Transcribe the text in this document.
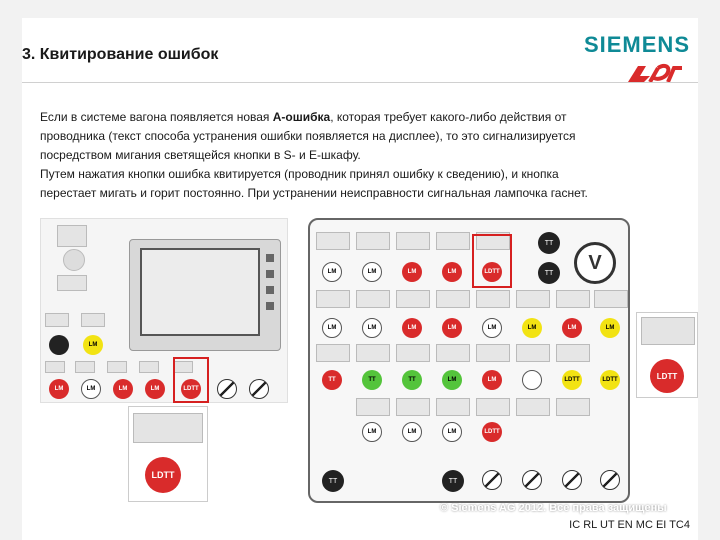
3. Квитирование ошибок	SIEMENS
Если в системе вагона появляется новая А-ошибка, которая требует какого-либо действия от
проводника (текст способа устранения ошибки появляется на дисплее), то это сигнализируется
посредством мигания светящейся кнопки в S- и E-шкафу.
Путем нажатия кнопки ошибка квитируется (проводник принял ошибку к сведению), и кнопка
перестает мигать и горит постоянно. При устранении неисправности сигнальная лампочка гаснет.
LM
LM	LM	LM	LM	LDTT
LDTT
TT
V
LM	LM	LM	LM	LDTT	TT
LM	LM	LM	LM	LM	LM	LM	LM
TT	TT	TT	LM	LM	LDTT	LDTT
LM	LM	LM	LDTT
TT	TT
LDTT
© Siemens AG 2012. Все права защищены
IC RL UT EN MC EI TC4
